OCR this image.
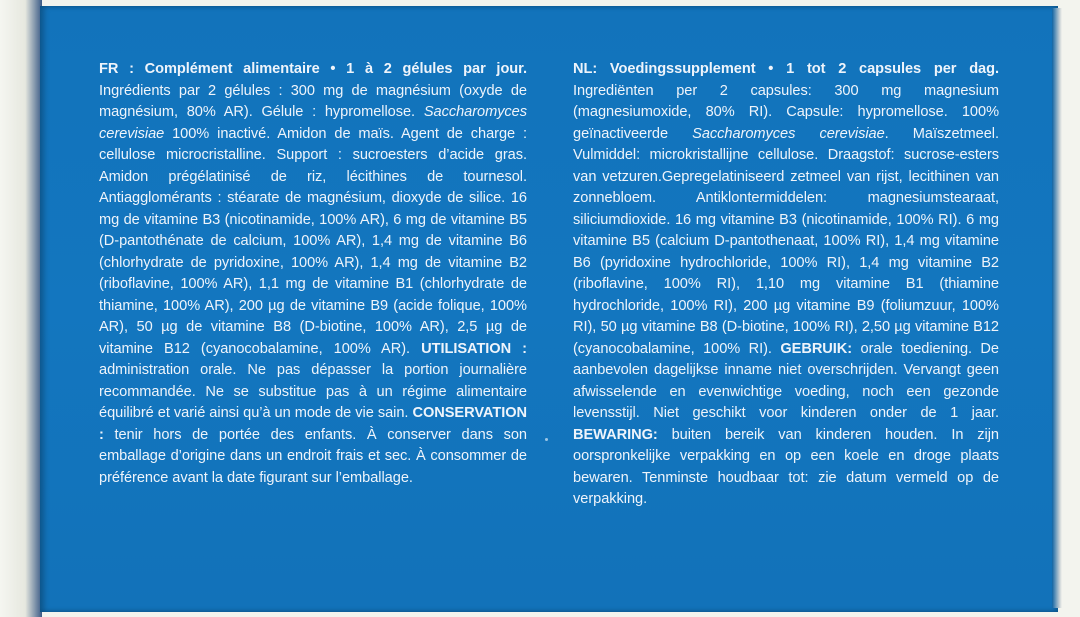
FR : Complément alimentaire • 1 à 2 gélules par jour. Ingrédients par 2 gélules : 300 mg de magnésium (oxyde de magnésium, 80% AR). Gélule : hypromellose. Saccharomyces cerevisiae 100% inactivé. Amidon de maïs. Agent de charge : cellulose microcristalline. Support : sucroesters d’acide gras. Amidon prégélatinisé de riz, lécithines de tournesol. Antiagglomérants : stéarate de magnésium, dioxyde de silice. 16 mg de vitamine B3 (nicotinamide, 100% AR), 6 mg de vitamine B5 (D-pantothénate de calcium, 100% AR), 1,4 mg de vitamine B6 (chlorhydrate de pyridoxine, 100% AR), 1,4 mg de vitamine B2 (riboflavine, 100% AR), 1,1 mg de vitamine B1 (chlorhydrate de thiamine, 100% AR), 200 µg de vitamine B9 (acide folique, 100% AR), 50 µg de vitamine B8 (D-biotine, 100% AR), 2,5 µg de vitamine B12 (cyanocobalamine, 100% AR). UTILISATION : administration orale. Ne pas dépasser la portion journalière recommandée. Ne se substitue pas à un régime alimentaire équilibré et varié ainsi qu’à un mode de vie sain. CONSERVATION : tenir hors de portée des enfants. À conserver dans son emballage d’origine dans un endroit frais et sec. À consommer de préférence avant la date figurant sur l’emballage.

NL: Voedingssupplement • 1 tot 2 capsules per dag. Ingrediënten per 2 capsules: 300 mg magnesium (magnesiumoxide, 80% RI). Capsule: hypromellose. 100% geïnactiveerde Saccharomyces cerevisiae. Maïszetmeel. Vulmiddel: microkristallijne cellulose. Draagstof: sucrose-esters van vetzuren.Gepregelatiniseerd zetmeel van rijst, lecithinen van zonnebloem. Antiklontermiddelen: magnesiumstearaat, siliciumdioxide. 16 mg vitamine B3 (nicotinamide, 100% RI). 6 mg vitamine B5 (calcium D-pantothenaat, 100% RI), 1,4 mg vitamine B6 (pyridoxine hydrochloride, 100% RI), 1,4 mg vitamine B2 (riboflavine, 100% RI), 1,10 mg vitamine B1 (thiamine hydrochloride, 100% RI), 200 µg vitamine B9 (foliumzuur, 100% RI), 50 µg vitamine B8 (D-biotine, 100% RI), 2,50 µg vitamine B12 (cyanocobalamine, 100% RI). GEBRUIK: orale toediening. De aanbevolen dagelijkse inname niet overschrijden. Vervangt geen afwisselende en evenwichtige voeding, noch een gezonde levensstijl. Niet geschikt voor kinderen onder de 1 jaar. BEWARING: buiten bereik van kinderen houden. In zijn oorspronkelijke verpakking en op een koele en droge plaats bewaren. Tenminste houdbaar tot: zie datum vermeld op de verpakking.
